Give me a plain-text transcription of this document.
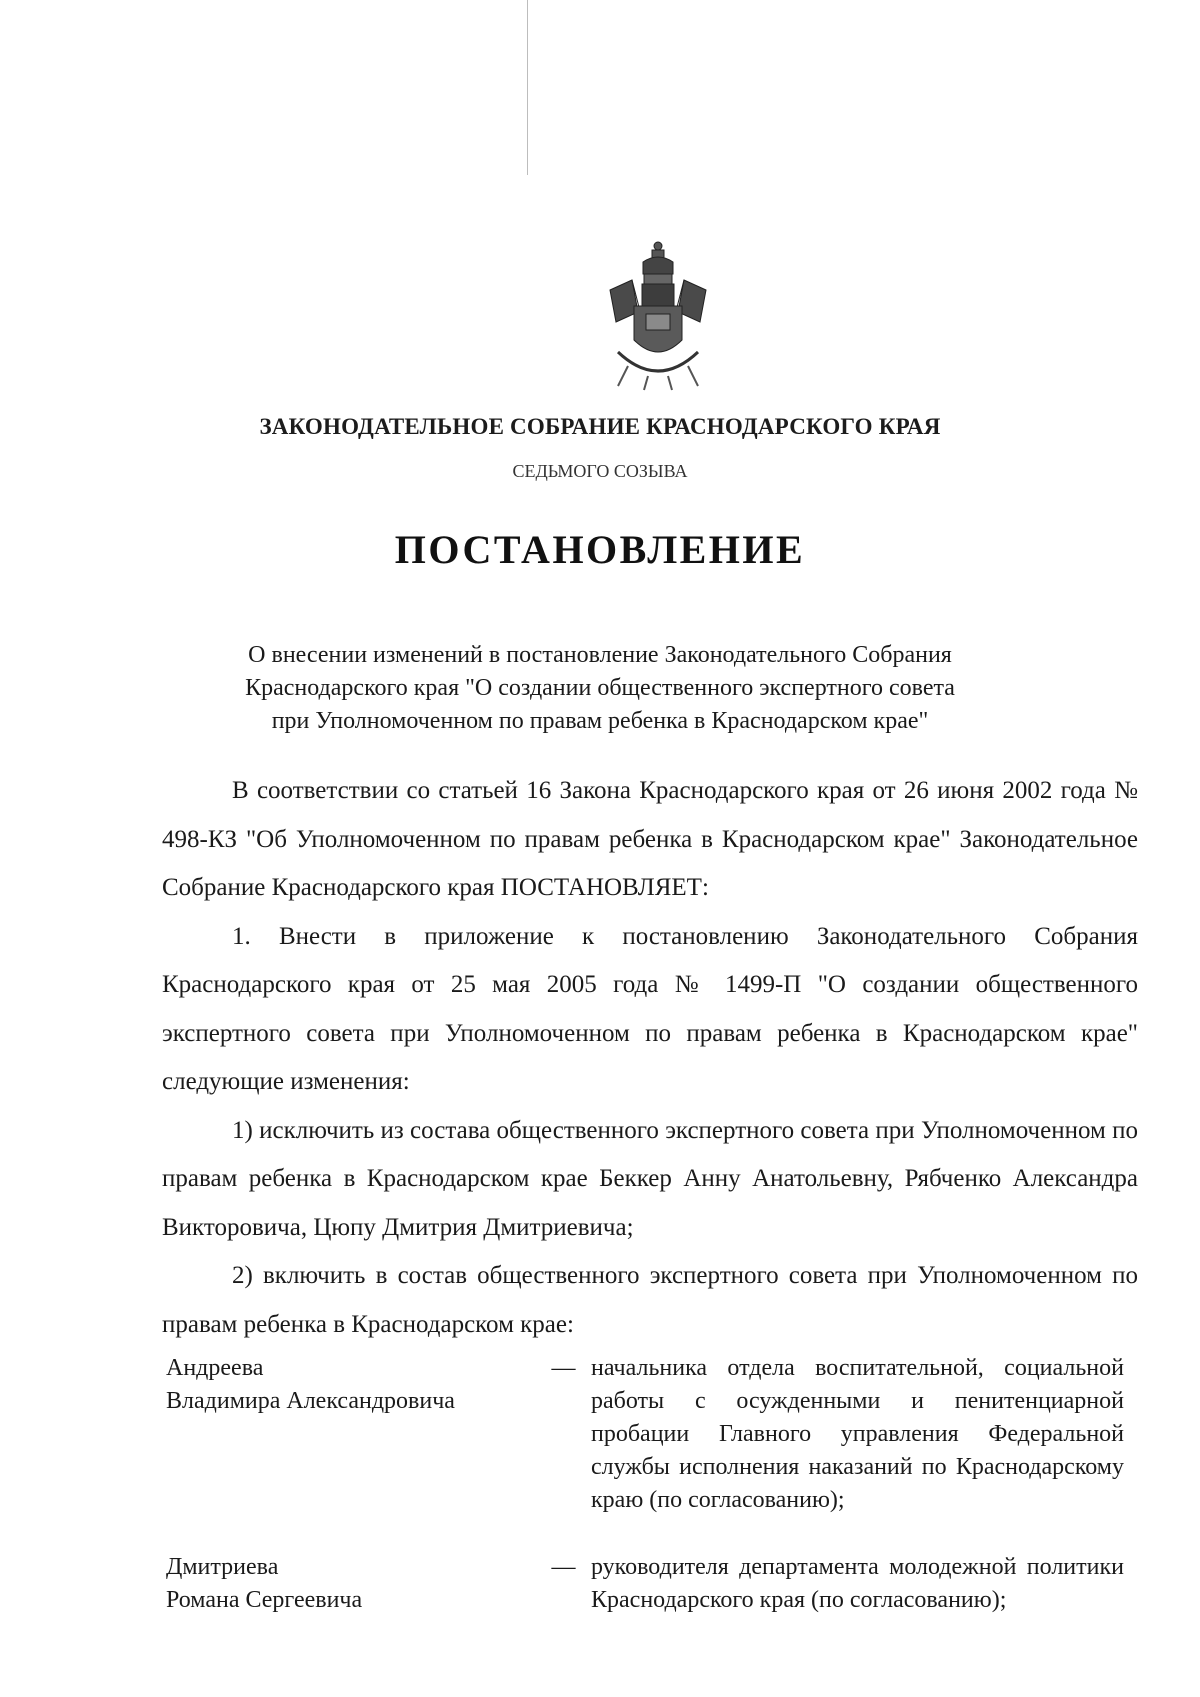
ЗАКОНОДАТЕЛЬНОЕ СОБРАНИЕ КРАСНОДАРСКОГО КРАЯ
СЕДЬМОГО СОЗЫВА
ПОСТАНОВЛЕНИЕ
О внесении изменений в постановление Законодательного Собрания
Краснодарского края "О создании общественного экспертного совета
при Уполномоченном по правам ребенка в Краснодарском крае"

В соответствии со статьей 16 Закона Краснодарского края от 26 июня 2002 года № 498-КЗ "Об Уполномоченном по правам ребенка в Краснодарском крае" Законодательное Собрание Краснодарского края ПОСТАНОВЛЯЕТ:

1. Внести в приложение к постановлению Законодательного Собрания Краснодарского края от 25 мая 2005 года № 1499-П "О создании общественного экспертного совета при Уполномоченном по правам ребенка в Краснодарском крае" следующие изменения:

1) исключить из состава общественного экспертного совета при Уполномоченном по правам ребенка в Краснодарском крае Беккер Анну Анатольевну, Рябченко Александра Викторовича, Цюпу Дмитрия Дмитриевича;

2) включить в состав общественного экспертного совета при Уполномоченном по правам ребенка в Краснодарском крае:

Андреева
Владимира Александровича
— начальника отдела воспитательной, социальной работы с осужденными и пенитенциарной пробации Главного управления Федеральной службы исполнения наказаний по Краснодарскому краю (по согласованию);
Дмитриева
Романа Сергеевича
— руководителя департамента молодежной политики Краснодарского края (по согласованию);
